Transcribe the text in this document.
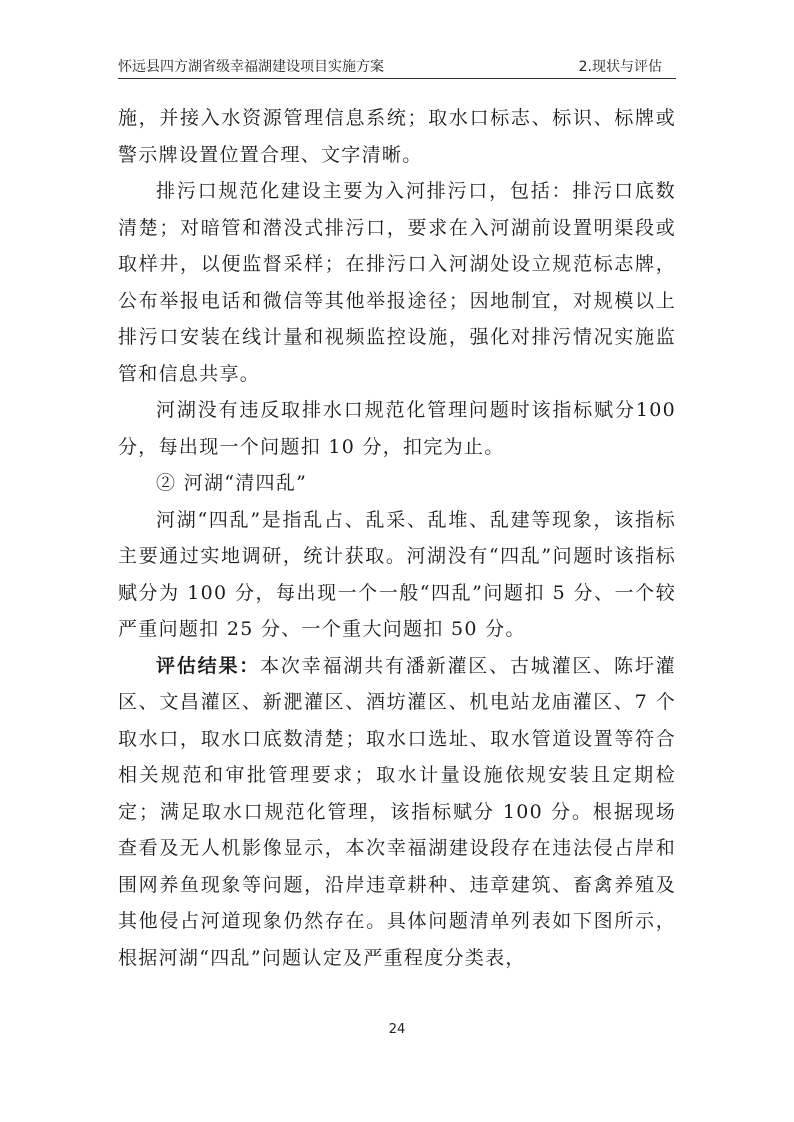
怀远县四方湖省级幸福湖建设项目实施方案	2.现状与评估

施，并接入水资源管理信息系统；取水口标志、标识、标牌或警示牌设置位置合理、文字清晰。

排污口规范化建设主要为入河排污口，包括：排污口底数清楚；对暗管和潜没式排污口，要求在入河湖前设置明渠段或取样井，以便监督采样；在排污口入河湖处设立规范标志牌，公布举报电话和微信等其他举报途径；因地制宜，对规模以上排污口安装在线计量和视频监控设施，强化对排污情况实施监管和信息共享。

河湖没有违反取排水口规范化管理问题时该指标赋分100 分，每出现一个问题扣 10 分，扣完为止。

② 河湖“清四乱”

河湖“四乱”是指乱占、乱采、乱堆、乱建等现象，该指标主要通过实地调研，统计获取。河湖没有“四乱”问题时该指标赋分为 100 分，每出现一个一般“四乱”问题扣 5 分、一个较严重问题扣 25 分、一个重大问题扣 50 分。

评估结果：本次幸福湖共有潘新灌区、古城灌区、陈圩灌区、文昌灌区、新淝灌区、酒坊灌区、机电站龙庙灌区、7 个取水口，取水口底数清楚；取水口选址、取水管道设置等符合相关规范和审批管理要求；取水计量设施依规安装且定期检定；满足取水口规范化管理，该指标赋分 100 分。根据现场查看及无人机影像显示，本次幸福湖建设段存在违法侵占岸和围网养鱼现象等问题，沿岸违章耕种、违章建筑、畜禽养殖及其他侵占河道现象仍然存在。具体问题清单列表如下图所示，根据河湖“四乱”问题认定及严重程度分类表，

24
